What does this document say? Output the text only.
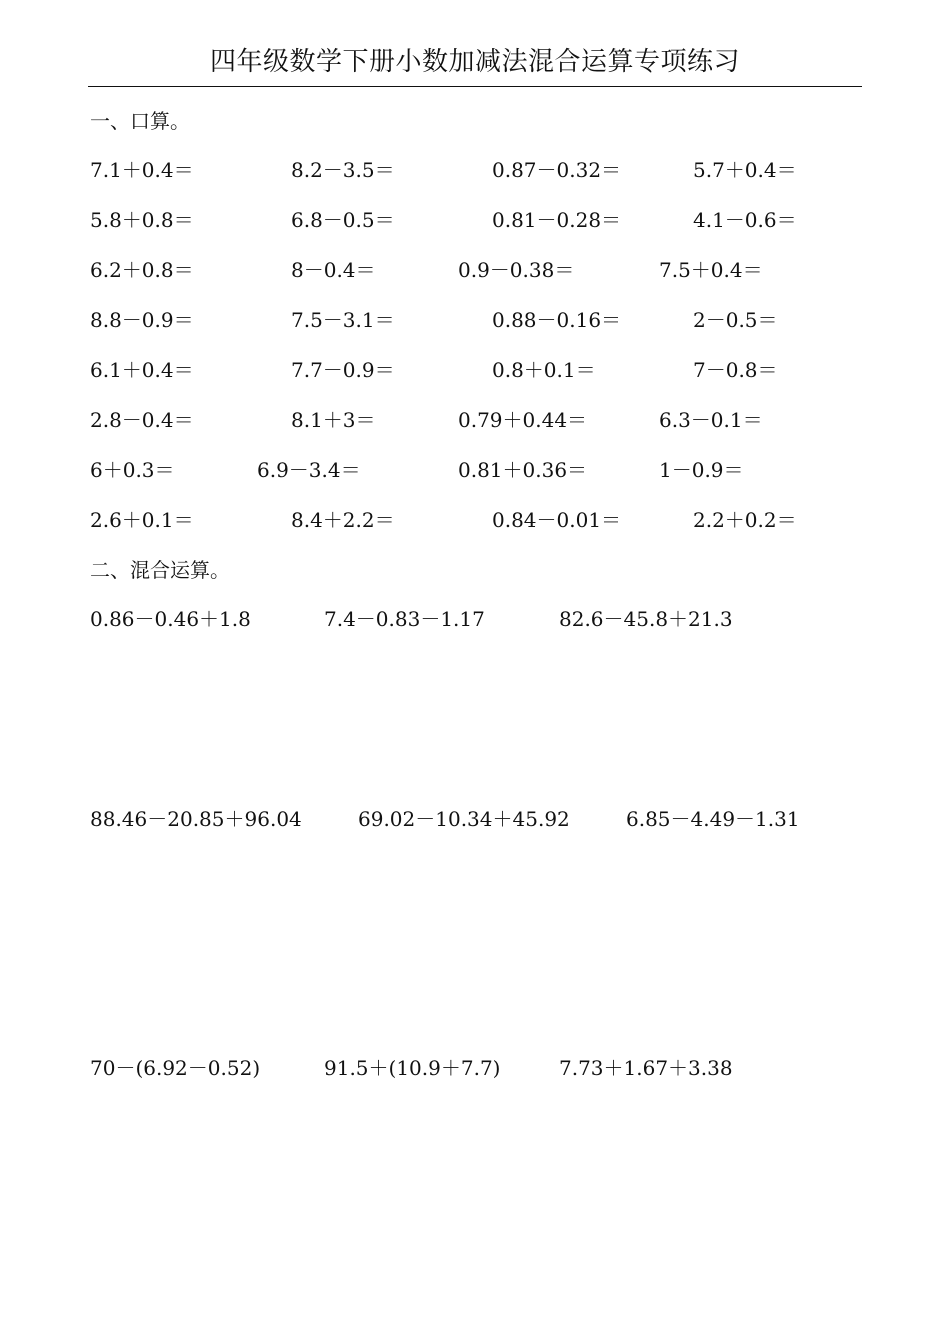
四年级数学下册小数加减法混合运算专项练习
一、口算。
7.1＋0.4＝	8.2－3.5＝	0.87－0.32＝	5.7＋0.4＝
5.8＋0.8＝	6.8－0.5＝	0.81－0.28＝	4.1－0.6＝
6.2＋0.8＝	8－0.4＝	0.9－0.38＝	7.5＋0.4＝
8.8－0.9＝	7.5－3.1＝	0.88－0.16＝	2－0.5＝
6.1＋0.4＝	7.7－0.9＝	0.8＋0.1＝	7－0.8＝
2.8－0.4＝	8.1＋3＝	0.79＋0.44＝	6.3－0.1＝
6＋0.3＝	6.9－3.4＝	0.81＋0.36＝	1－0.9＝
2.6＋0.1＝	8.4＋2.2＝	0.84－0.01＝	2.2＋0.2＝
二、混合运算。
0.86－0.46＋1.8	7.4－0.83－1.17	82.6－45.8＋21.3
88.46－20.85＋96.04	69.02－10.34＋45.92	6.85－4.49－1.31
70－(6.92－0.52)	91.5＋(10.9＋7.7)	7.73＋1.67＋3.38
